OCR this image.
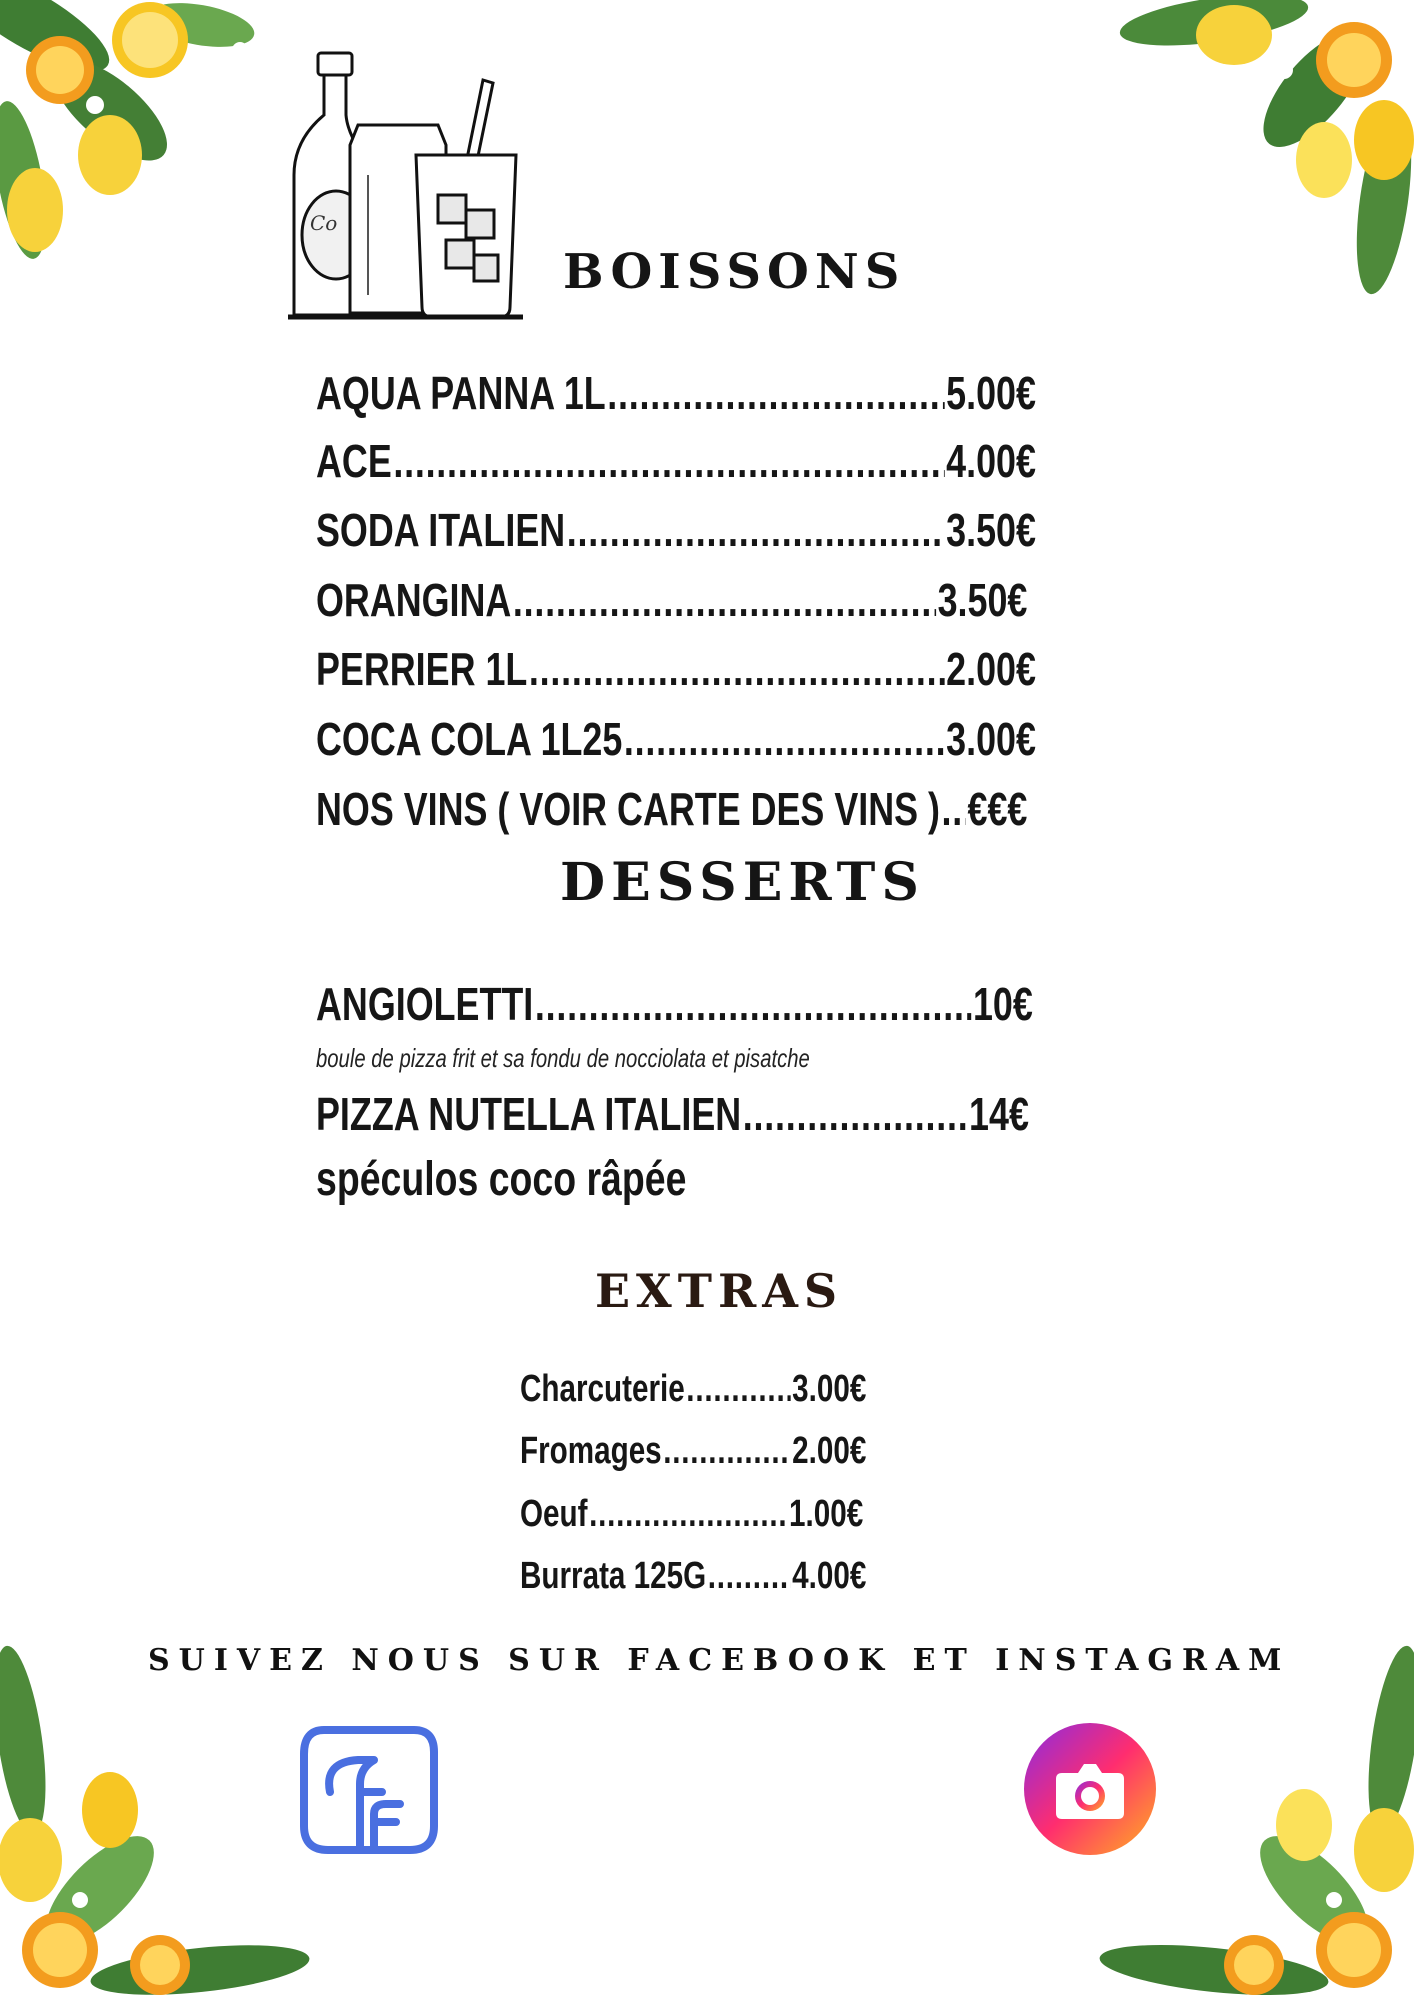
Co
BOISSONS
AQUA PANNA 1L .....	5.00€
ACE .....	4.00€
SODA ITALIEN .....	3.50€
ORANGINA .....	3.50€
PERRIER 1L .....	2.00€
COCA COLA 1L25 .....	3.00€
NOS VINS ( VOIR CARTE DES VINS ) ..... €€€
DESSERTS
ANGIOLETTI .....	10€
boule de pizza frit et sa fondu de nocciolata et pisatche
PIZZA NUTELLA ITALIEN .....	14€
spéculos coco râpée
EXTRAS
Charcuterie .....	3.00€
Fromages .....	2.00€
Oeuf .....	1.00€
Burrata 125G ..... 4.00€
SUIVEZ NOUS SUR FACEBOOK ET INSTAGRAM
